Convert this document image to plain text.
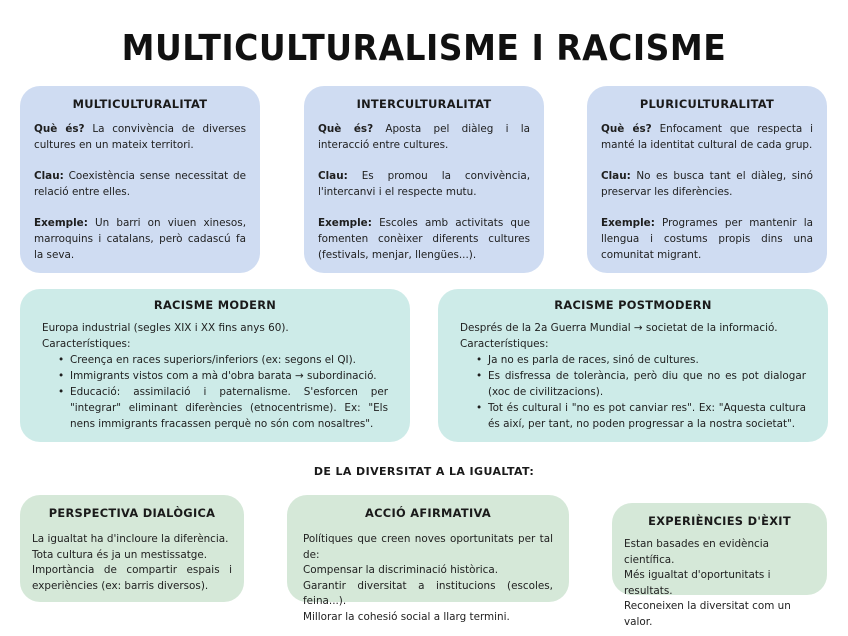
MULTICULTURALISME I RACISME
MULTICULTURALITAT

Què és? La convivència de diverses cultures en un mateix territori.

Clau: Coexistència sense necessitat de relació entre elles.

Exemple: Un barri on viuen xinesos, marroquins i catalans, però cadascú fa la seva.

INTERCULTURALITAT

Què és? Aposta pel diàleg i la interacció entre cultures.

Clau: Es promou la convivència, l'intercanvi i el respecte mutu.

Exemple: Escoles amb activitats que fomenten conèixer diferents cultures (festivals, menjar, llengües...).

PLURICULTURALITAT

Què és? Enfocament que respecta i manté la identitat cultural de cada grup.

Clau: No es busca tant el diàleg, sinó preservar les diferències.

Exemple: Programes per mantenir la llengua i costums propis dins una comunitat migrant.

RACISME MODERN
Europa industrial (segles XIX i XX fins anys 60).
Característiques:
• Creença en races superiors/inferiors (ex: segons el QI).
• Immigrants vistos com a mà d'obra barata → subordinació.
• Educació: assimilació i paternalisme. S'esforcen per "integrar" eliminant diferències (etnocentrisme). Ex: "Els nens immigrants fracassen perquè no són com nosaltres".
RACISME POSTMODERN
Després de la 2a Guerra Mundial → societat de la informació.
Característiques:
• Ja no es parla de races, sinó de cultures.
• Es disfressa de tolerància, però diu que no es pot dialogar (xoc de civilitzacions).
• Tot és cultural i "no es pot canviar res". Ex: "Aquesta cultura és així, per tant, no poden progressar a la nostra societat".
DE LA DIVERSITAT A LA IGUALTAT:
PERSPECTIVA DIALÒGICA
La igualtat ha d'incloure la diferència.
Tota cultura és ja un mestissatge.
Importància de compartir espais i experiències (ex: barris diversos).
ACCIÓ AFIRMATIVA
Polítiques que creen noves oportunitats per tal de:
Compensar la discriminació històrica.
Garantir diversitat a institucions (escoles, feina...).
Millorar la cohesió social a llarg termini.
EXPERIÈNCIES D'ÈXIT
Estan basades en evidència científica.
Més igualtat d'oportunitats i resultats.
Reconeixen la diversitat com un valor.
